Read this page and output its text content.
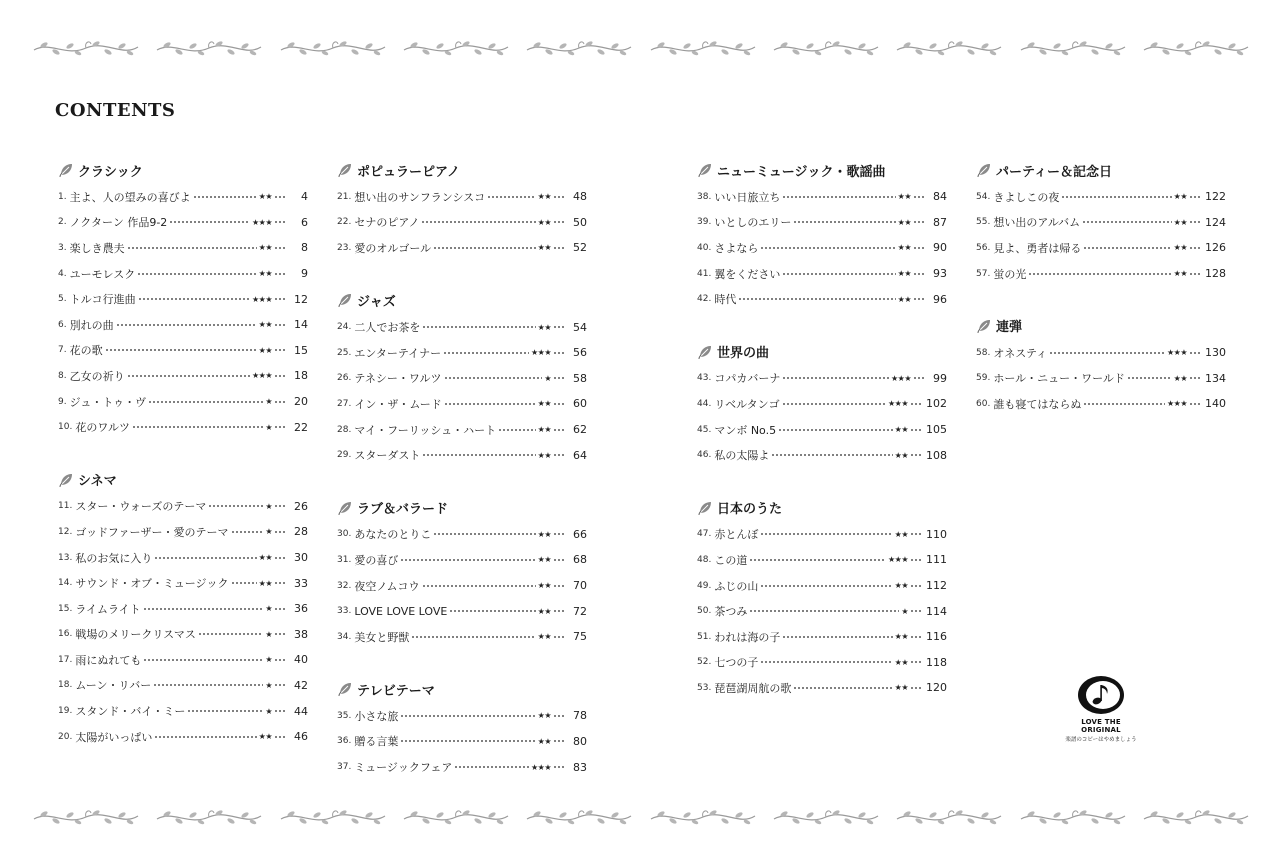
CONTENTS
クラシック
1. 主よ、人の望みの喜びよ	★★	4
2. ノクターン 作品9-2	★★★	6
3. 楽しき農夫	★★	8
4. ユーモレスク	★★	9
5. トルコ行進曲	★★★	12
6. 別れの曲	★★	14
7. 花の歌	★★	15
8. 乙女の祈り	★★★	18
9. ジュ・トゥ・ヴ	★	20
10. 花のワルツ	★	22
シネマ
11. スター・ウォーズのテーマ	★	26
12. ゴッドファーザー・愛のテーマ	★	28
13. 私のお気に入り	★★	30
14. サウンド・オブ・ミュージック	★★	33
15. ライムライト	★	36
16. 戦場のメリークリスマス	★	38
17. 雨にぬれても	★	40
18. ムーン・リバー	★	42
19. スタンド・バイ・ミー	★	44
20. 太陽がいっぱい	★★	46
ポピュラーピアノ
21. 想い出のサンフランシスコ	★★	48
22. セナのピアノ	★★	50
23. 愛のオルゴール	★★	52
ジャズ
24. 二人でお茶を	★★	54
25. エンターテイナー	★★★	56
26. テネシー・ワルツ	★	58
27. イン・ザ・ムード	★★	60
28. マイ・フーリッシュ・ハート	★★	62
29. スターダスト	★★	64
ラブ＆バラード
30. あなたのとりこ	★★	66
31. 愛の喜び	★★	68
32. 夜空ノムコウ	★★	70
33. LOVE LOVE LOVE	★★	72
34. 美女と野獣	★★	75
テレビテーマ
35. 小さな旅	★★	78
36. 贈る言葉	★★	80
37. ミュージックフェア	★★★	83
ニューミュージック・歌謡曲
38. いい日旅立ち	★★	84
39. いとしのエリー	★★	87
40. さよなら	★★	90
41. 翼をください	★★	93
42. 時代	★★	96
世界の曲
43. コパカバーナ	★★★	99
44. リベルタンゴ	★★★ 102
45. マンボ No.5	★★ 105
46. 私の太陽よ	★★ 108
日本のうた
47. 赤とんぼ	★★ 110
48. この道	★★★ 111
49. ふじの山	★★ 112
50. 茶つみ	★ 114
51. われは海の子	★★ 116
52. 七つの子	★★ 118
53. 琵琶湖周航の歌	★★ 120
パーティー＆記念日
54. きよしこの夜	★★ 122
55. 想い出のアルバム	★★ 124
56. 見よ、勇者は帰る	★★ 126
57. 蛍の光	★★ 128
連弾
58. オネスティ	★★★ 130
59. ホール・ニュー・ワールド	★★ 134
60. 誰も寝てはならぬ	★★★ 140
LOVE THE ORIGINAL
楽譜のコピーはやめましょう
